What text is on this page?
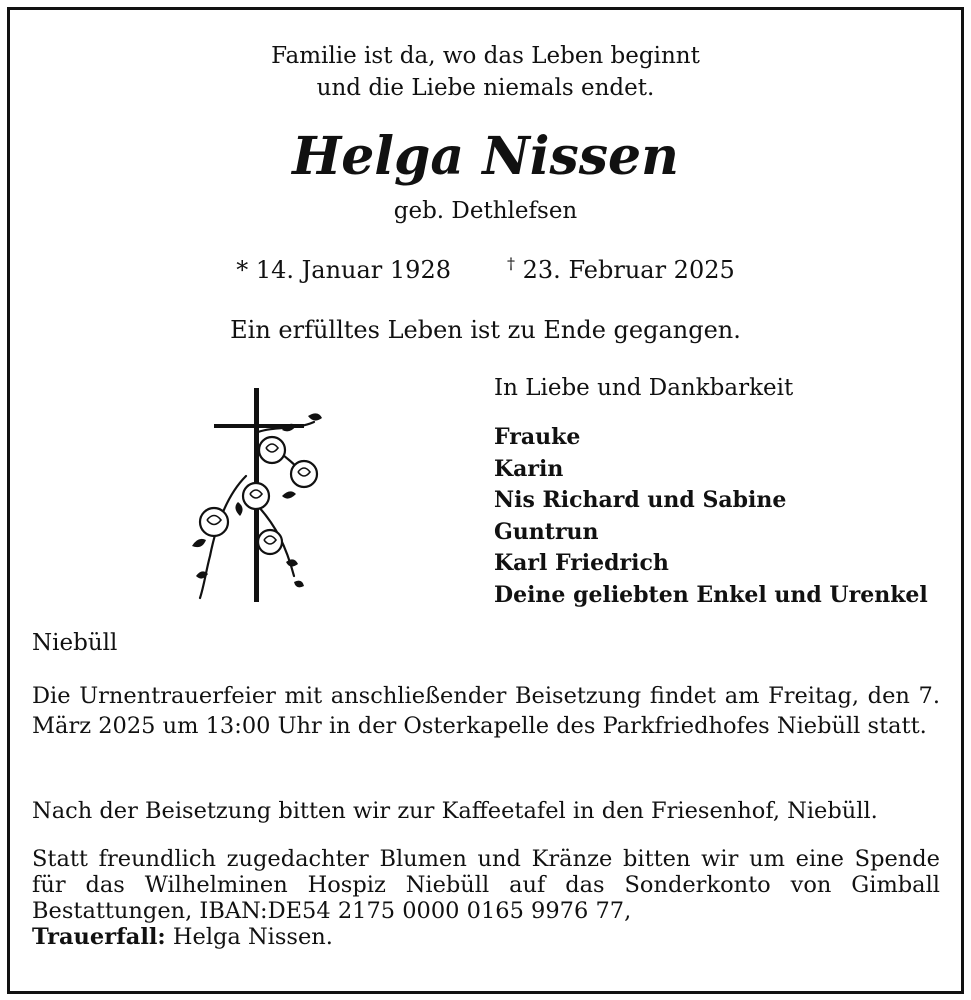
Familie ist da, wo das Leben beginnt
und die Liebe niemals endet.
Helga Nissen
geb. Dethlefsen
* 14. Januar 1928	† 23. Februar 2025
Ein erfülltes Leben ist zu Ende gegangen.
In Liebe und Dankbarkeit
Frauke
Karin
Nis Richard und Sabine
Guntrun
Karl Friedrich
Deine geliebten Enkel und Urenkel
Niebüll

Die Urnentrauerfeier mit anschließender Beisetzung findet am Freitag, den 7. März 2025 um 13:00 Uhr in der Osterkapelle des Parkfriedhofes Niebüll statt.

Nach der Beisetzung bitten wir zur Kaffeetafel in den Friesenhof, Niebüll.

Statt freundlich zugedachter Blumen und Kränze bitten wir um eine Spende für das Wilhelminen Hospiz Niebüll auf das Sonderkonto von Gimball Bestattungen, IBAN:DE54 2175 0000 0165 9976 77,
Trauerfall: Helga Nissen.
